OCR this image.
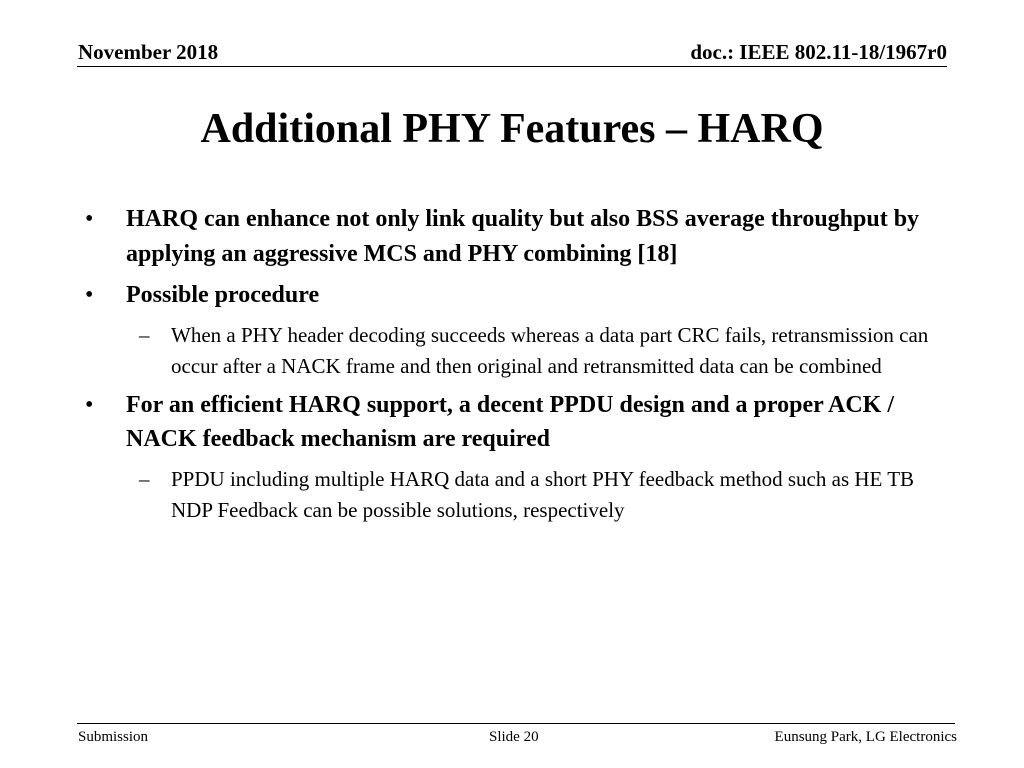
November 2018	doc.: IEEE 802.11-18/1967r0
Additional PHY Features – HARQ
• HARQ can enhance not only link quality but also BSS average throughput by applying an aggressive MCS and PHY combining [18]
• Possible procedure
– When a PHY header decoding succeeds whereas a data part CRC fails, retransmission can occur after a NACK frame and then original and retransmitted data can be combined
• For an efficient HARQ support, a decent PPDU design and a proper ACK / NACK feedback mechanism are required
– PPDU including multiple HARQ data and a short PHY feedback method such as HE TB NDP Feedback can be possible solutions, respectively
Submission	Slide 20	Eunsung Park, LG Electronics
